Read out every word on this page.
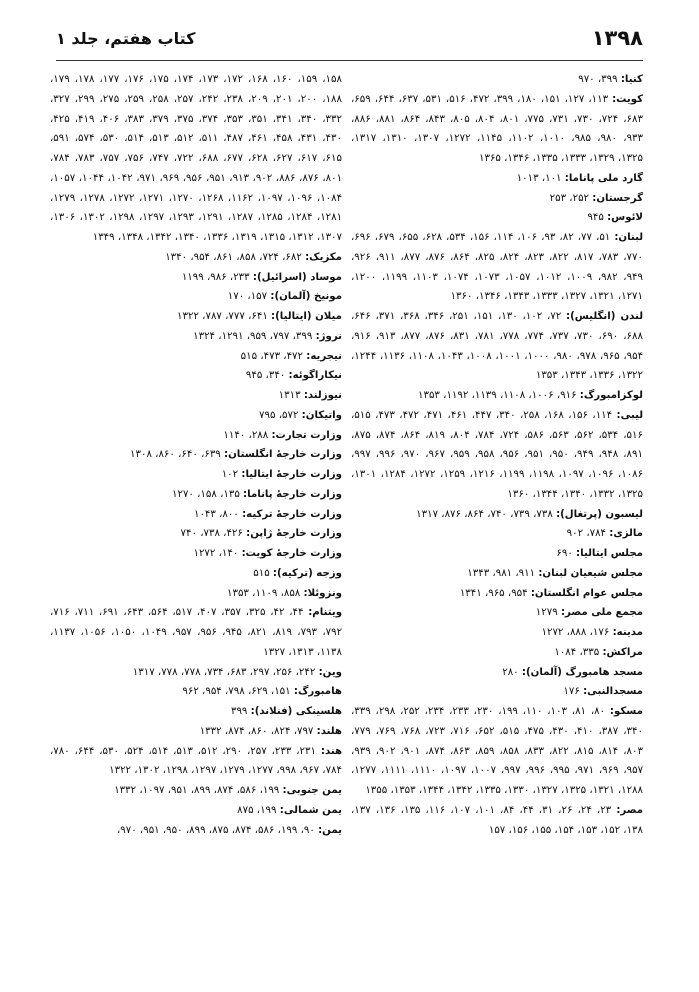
۱۳۹۸
کتاب هفتم، جلد ۱
کنیا: ۳۹۹، ۹۷۰
کویت: ۱۱۳، ۱۲۷، ۱۵۱، ۱۸۰، ۳۹۹، ۴۷۲، ۵۱۶، ۵۳۱، ۶۳۷، ۶۴۴، ۶۵۹، ۶۸۳، ۷۲۴، ۷۳۰، ۷۳۱، ۷۷۵، ۸۰۱، ۸۰۴، ۸۰۵، ۸۴۳، ۸۶۴، ۸۸۱، ۸۸۶، ۹۳۳، ۹۸۰، ۹۸۵، ۱۰۱۰، ۱۱۰۲، ۱۱۴۵، ۱۲۷۲، ۱۳۰۷، ۱۳۱۰، ۱۳۱۷، ۱۳۲۵، ۱۳۲۹، ۱۳۳۳، ۱۳۳۵، ۱۳۴۶، ۱۳۶۵
گارد ملی پاناما: ۱۰۱، ۱۰۱۳
گرجستان: ۲۵۲، ۲۵۳
لائوس: ۹۴۵
لبنان: ۵۱، ۷۷، ۸۲، ۹۳، ۱۰۶، ۱۱۴، ۱۵۶، ۵۳۴، ۶۲۸، ۶۵۵، ۶۷۹، ۶۹۶، ۷۷۰، ۷۸۳، ۸۱۷، ۸۲۲، ۸۲۳، ۸۲۴، ۸۲۵، ۸۶۴، ۸۷۶، ۸۷۷، ۹۱۱، ۹۲۶، ۹۴۹، ۹۸۲، ۱۰۰۹، ۱۰۱۲، ۱۰۵۷، ۱۰۷۳، ۱۰۷۴، ۱۱۰۳، ۱۱۹۹، ۱۲۰۰، ۱۲۷۱، ۱۳۲۱، ۱۳۲۷، ۱۳۳۳، ۱۳۴۳، ۱۳۴۶، ۱۳۶۰
لندن (انگلیس): ۷۲، ۱۰۲، ۱۳۰، ۱۵۱، ۲۵۱، ۳۴۶، ۳۶۸، ۳۷۱، ۶۴۶، ۶۸۸، ۶۹۰، ۷۳۰، ۷۳۷، ۷۷۴، ۷۷۸، ۷۸۱، ۸۳۱، ۸۷۶، ۸۷۷، ۹۱۳، ۹۱۶، ۹۵۴، ۹۶۵، ۹۷۸، ۹۸۰، ۱۰۰۰، ۱۰۰۱، ۱۰۰۸، ۱۰۴۳، ۱۱۰۸، ۱۱۳۶، ۱۲۴۴، ۱۳۲۲، ۱۳۳۶، ۱۳۴۳، ۱۳۵۳
لوکزامبورگ: ۹۱۶، ۱۰۰۶، ۱۱۰۸، ۱۱۳۹، ۱۱۹۲، ۱۳۵۳
لیبی: ۱۱۴، ۱۵۶، ۱۶۸، ۲۵۸، ۳۴۰، ۴۴۷، ۴۶۱، ۴۷۱، ۴۷۲، ۴۷۳، ۵۱۵، ۵۱۶، ۵۳۴، ۵۶۲، ۵۶۳، ۵۸۶، ۷۲۴، ۷۸۴، ۸۰۴، ۸۱۹، ۸۶۴، ۸۷۴، ۸۷۵، ۸۹۱، ۹۴۸، ۹۴۹، ۹۵۰، ۹۵۱، ۹۵۶، ۹۵۸، ۹۵۹، ۹۶۷، ۹۷۰، ۹۹۶، ۹۹۷، ۱۰۸۶، ۱۰۹۶، ۱۰۹۷، ۱۱۹۸، ۱۱۹۹، ۱۲۱۶، ۱۲۵۹، ۱۲۷۲، ۱۲۸۴، ۱۳۰۱، ۱۳۲۵، ۱۳۳۲، ۱۳۴۰، ۱۳۴۴، ۱۳۶۰
لیسبون (پرتغال): ۷۳۸، ۷۳۹، ۷۴۰، ۸۶۴، ۸۷۶، ۱۳۱۷
مالزی: ۷۸۴، ۹۰۲
مجلس ایتالیا: ۶۹۰
مجلس شیعیان لبنان: ۹۱۱، ۹۸۱، ۱۳۴۳
مجلس عوام انگلستان: ۹۵۴، ۹۶۵، ۱۳۴۱
مجمع ملی مصر: ۱۲۷۹
مدینه: ۱۷۶، ۸۸۸، ۱۲۷۲
مراکش: ۳۳۵، ۱۰۸۴
مسجد هامبورگ (آلمان): ۲۸۰
مسجدالنبی: ۱۷۶
مسکو: ۸۰، ۸۱، ۱۰۳، ۱۱۰، ۱۹۹، ۲۳۰، ۲۳۳، ۲۳۴، ۲۵۲، ۲۹۸، ۳۳۹، ۳۴۰، ۳۸۷، ۴۱۰، ۴۳۰، ۴۷۵، ۵۱۵، ۶۵۲، ۷۱۶، ۷۲۳، ۷۶۸، ۷۶۹، ۷۷۹، ۸۰۳، ۸۱۴، ۸۱۵، ۸۲۲، ۸۳۳، ۸۵۸، ۸۵۹، ۸۶۳، ۸۷۴، ۹۰۱، ۹۰۲، ۹۳۹، ۹۵۷، ۹۶۹، ۹۷۱، ۹۹۵، ۹۹۶، ۹۹۷، ۱۰۰۷، ۱۰۹۷، ۱۱۱۰، ۱۱۱۱، ۱۲۷۷، ۱۲۸۸، ۱۳۲۱، ۱۳۲۵، ۱۳۲۷، ۱۳۳۰، ۱۳۳۵، ۱۳۴۲، ۱۳۴۴، ۱۳۵۳، ۱۳۵۵
مصر: ۲۳، ۲۴، ۲۶، ۳۱، ۴۴، ۸۴، ۱۰۱، ۱۰۷، ۱۱۶، ۱۳۵، ۱۳۶، ۱۳۷، ۱۳۸، ۱۵۲، ۱۵۳، ۱۵۴، ۱۵۵، ۱۵۶، ۱۵۷
۱۵۸، ۱۵۹، ۱۶۰، ۱۶۸، ۱۷۲، ۱۷۳، ۱۷۴، ۱۷۵، ۱۷۶، ۱۷۷، ۱۷۸، ۱۷۹، ۱۸۸، ۲۰۰، ۲۰۱، ۲۰۹، ۲۳۸، ۲۴۲، ۲۵۷، ۲۵۸، ۲۵۹، ۲۷۵، ۲۹۹، ۳۲۷، ۳۳۲، ۳۴۰، ۳۴۱، ۳۵۱، ۳۵۳، ۳۷۴، ۳۷۵، ۳۷۹، ۳۸۳، ۴۰۶، ۴۱۹، ۴۲۵، ۴۳۰، ۴۳۱، ۴۵۸، ۴۶۱، ۴۸۷، ۵۱۱، ۵۱۲، ۵۱۳، ۵۱۴، ۵۳۰، ۵۷۴، ۵۹۱، ۶۱۵، ۶۱۷، ۶۲۷، ۶۲۸، ۶۷۷، ۶۸۸، ۷۲۲، ۷۴۷، ۷۵۶، ۷۵۷، ۷۸۳، ۷۸۴، ۸۰۱، ۸۷۶، ۸۸۶، ۹۰۲، ۹۱۳، ۹۵۱، ۹۵۶، ۹۶۹، ۹۷۱، ۱۰۴۲، ۱۰۴۴، ۱۰۵۷، ۱۰۸۴، ۱۰۹۶، ۱۰۹۷، ۱۱۶۲، ۱۲۶۸، ۱۲۷۰، ۱۲۷۱، ۱۲۷۲، ۱۲۷۸، ۱۲۷۹، ۱۲۸۱، ۱۲۸۴، ۱۲۸۵، ۱۲۸۷، ۱۲۹۱، ۱۲۹۳، ۱۲۹۷، ۱۲۹۸، ۱۳۰۲، ۱۳۰۶، ۱۳۰۷، ۱۳۱۲، ۱۳۱۵، ۱۳۱۹، ۱۳۳۶، ۱۳۴۰، ۱۳۴۲، ۱۳۴۸، ۱۳۴۹
مکزیک: ۶۸۲، ۷۲۴، ۸۵۸، ۸۶۱، ۹۵۴، ۱۳۴۰
موساد (اسرائیل): ۲۳۳، ۹۸۶، ۱۱۹۹
مونیخ (آلمان): ۱۵۷، ۱۷۰
میلان (ایتالیا): ۶۴۱، ۷۷۷، ۷۸۷، ۱۳۲۲
نروژ: ۳۹۹، ۷۹۷، ۹۵۹، ۱۲۹۱، ۱۳۲۴
نیجریه: ۴۷۲، ۴۷۳، ۵۱۵
نیکاراگوئه: ۳۴۰، ۹۴۵
نیوزلند: ۱۳۱۳
واتیکان: ۵۷۲، ۷۹۵
وزارت تجارت: ۲۸۸، ۱۱۴۰
وزارت خارجهٔ انگلستان: ۶۳۹، ۶۴۰، ۸۶۰، ۱۳۰۸
وزارت خارجهٔ ایتالیا: ۱۰۲
وزارت خارجهٔ پاناما: ۱۳۵، ۱۵۸، ۱۲۷۰
وزارت خارجهٔ ترکیه: ۸۰۰، ۱۰۴۳
وزارت خارجهٔ ژاپن: ۴۲۶، ۷۳۸، ۷۴۰
وزارت خارجهٔ کویت: ۱۴۰، ۱۲۷۲
وزجه (ترکیه): ۵۱۵
ونزوئلا: ۸۵۸، ۱۱۰۹، ۱۳۵۳
ویتنام: ۴۴، ۴۲، ۳۲۵، ۳۵۷، ۴۰۷، ۵۱۷، ۵۶۴، ۶۴۳، ۶۹۱، ۷۱۱، ۷۱۶، ۷۹۲، ۷۹۳، ۸۱۹، ۸۲۱، ۹۴۵، ۹۵۶، ۹۵۷، ۱۰۴۹، ۱۰۵۰، ۱۰۵۶، ۱۱۳۷، ۱۱۳۸، ۱۳۱۳، ۱۳۲۷
وین: ۲۴۲، ۲۵۶، ۲۹۷، ۶۸۳، ۷۳۴، ۷۷۸، ۷۷۸، ۱۳۱۷
هامبورگ: ۱۵۱، ۶۲۹، ۷۹۸، ۹۵۴، ۹۶۲
هلسینکی (فنلاند): ۳۹۹
هلند: ۷۹۷، ۸۲۴، ۸۶۰، ۸۷۴، ۱۳۳۲
هند: ۲۳۱، ۲۳۳، ۲۵۷، ۲۹۰، ۵۱۲، ۵۱۳، ۵۱۴، ۵۲۴، ۵۳۰، ۶۴۴، ۷۸۰، ۷۸۴، ۹۶۷، ۹۹۸، ۱۲۷۷، ۱۲۷۹، ۱۲۹۷، ۱۲۹۸، ۱۳۰۲، ۱۳۲۲
یمن جنوبی: ۱۹۹، ۵۸۶، ۸۷۴، ۸۹۹، ۹۵۱، ۱۰۹۷، ۱۳۳۲
یمن شمالی: ۱۹۹، ۸۷۵
یمن: ۹۰، ۱۹۹، ۵۸۶، ۸۷۴، ۸۷۵، ۸۹۹، ۹۵۰، ۹۵۱، ۹۷۰،
